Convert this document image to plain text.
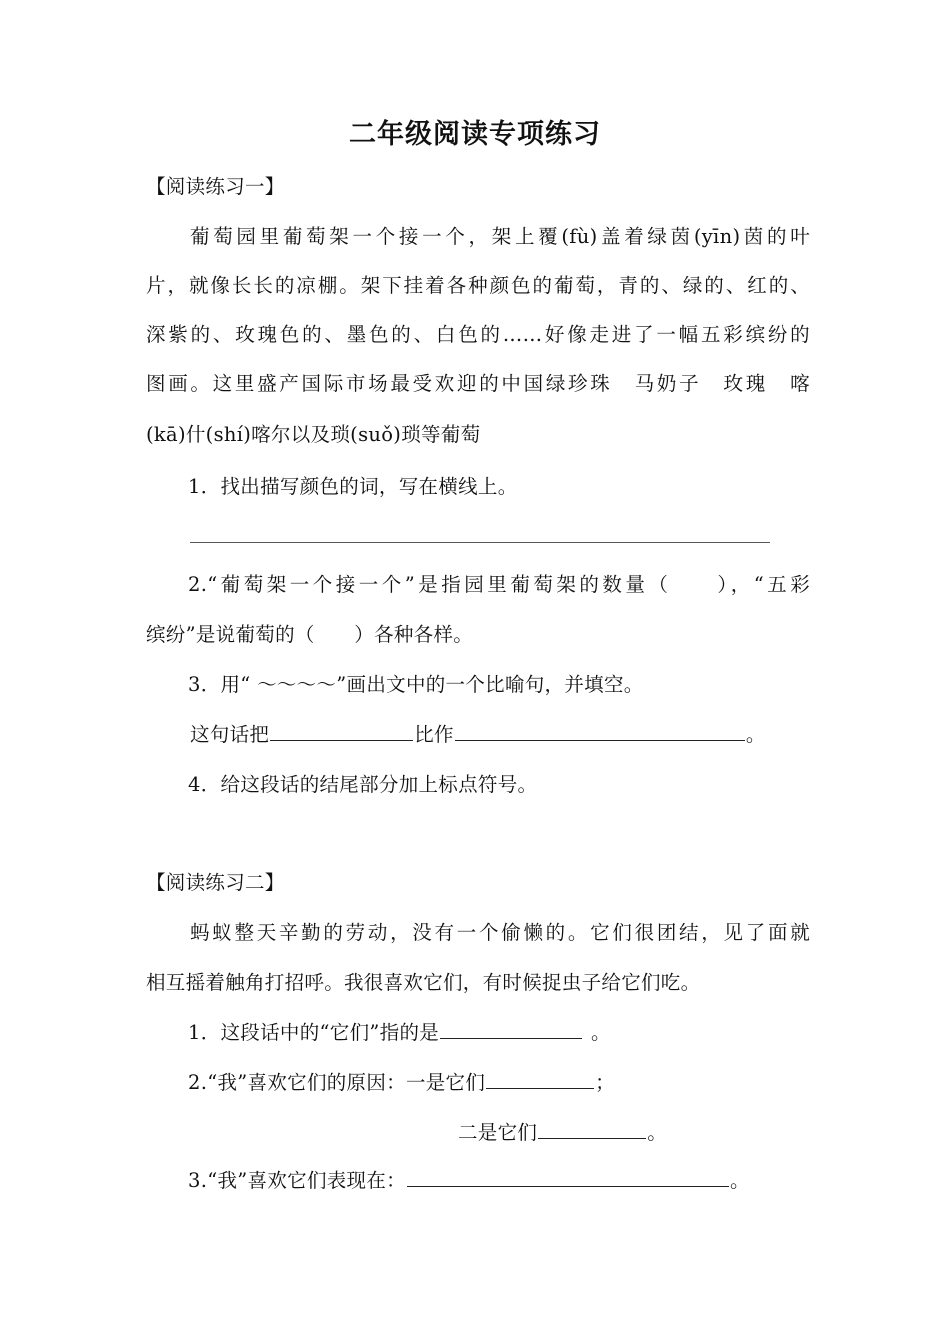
二年级阅读专项练习
【阅读练习一】
葡萄园里葡萄架一个接一个，架上覆(fù)盖着绿茵(yīn)茵的叶
片，就像长长的凉棚。架下挂着各种颜色的葡萄，青的、绿的、红的、
深紫的、玫瑰色的、墨色的、白色的……好像走进了一幅五彩缤纷的
图画。这里盛产国际市场最受欢迎的中国绿珍珠　马奶子　玫瑰　喀
(kā)什(shí)喀尔以及琐(suǒ)琐等葡萄
1．找出描写颜色的词，写在横线上。
2.“葡萄架一个接一个”是指园里葡萄架的数量（　　），“五彩
缤纷”是说葡萄的（　　）各种各样。
3．用“ ～～～～”画出文中的一个比喻句，并填空。
这句话把	比作	。
4．给这段话的结尾部分加上标点符号。
【阅读练习二】
蚂蚁整天辛勤的劳动，没有一个偷懒的。它们很团结，见了面就
相互摇着触角打招呼。我很喜欢它们，有时候捉虫子给它们吃。
1．这段话中的“它们”指的是	。
2.“我”喜欢它们的原因：一是它们	；
二是它们	。
3.“我”喜欢它们表现在：	。
